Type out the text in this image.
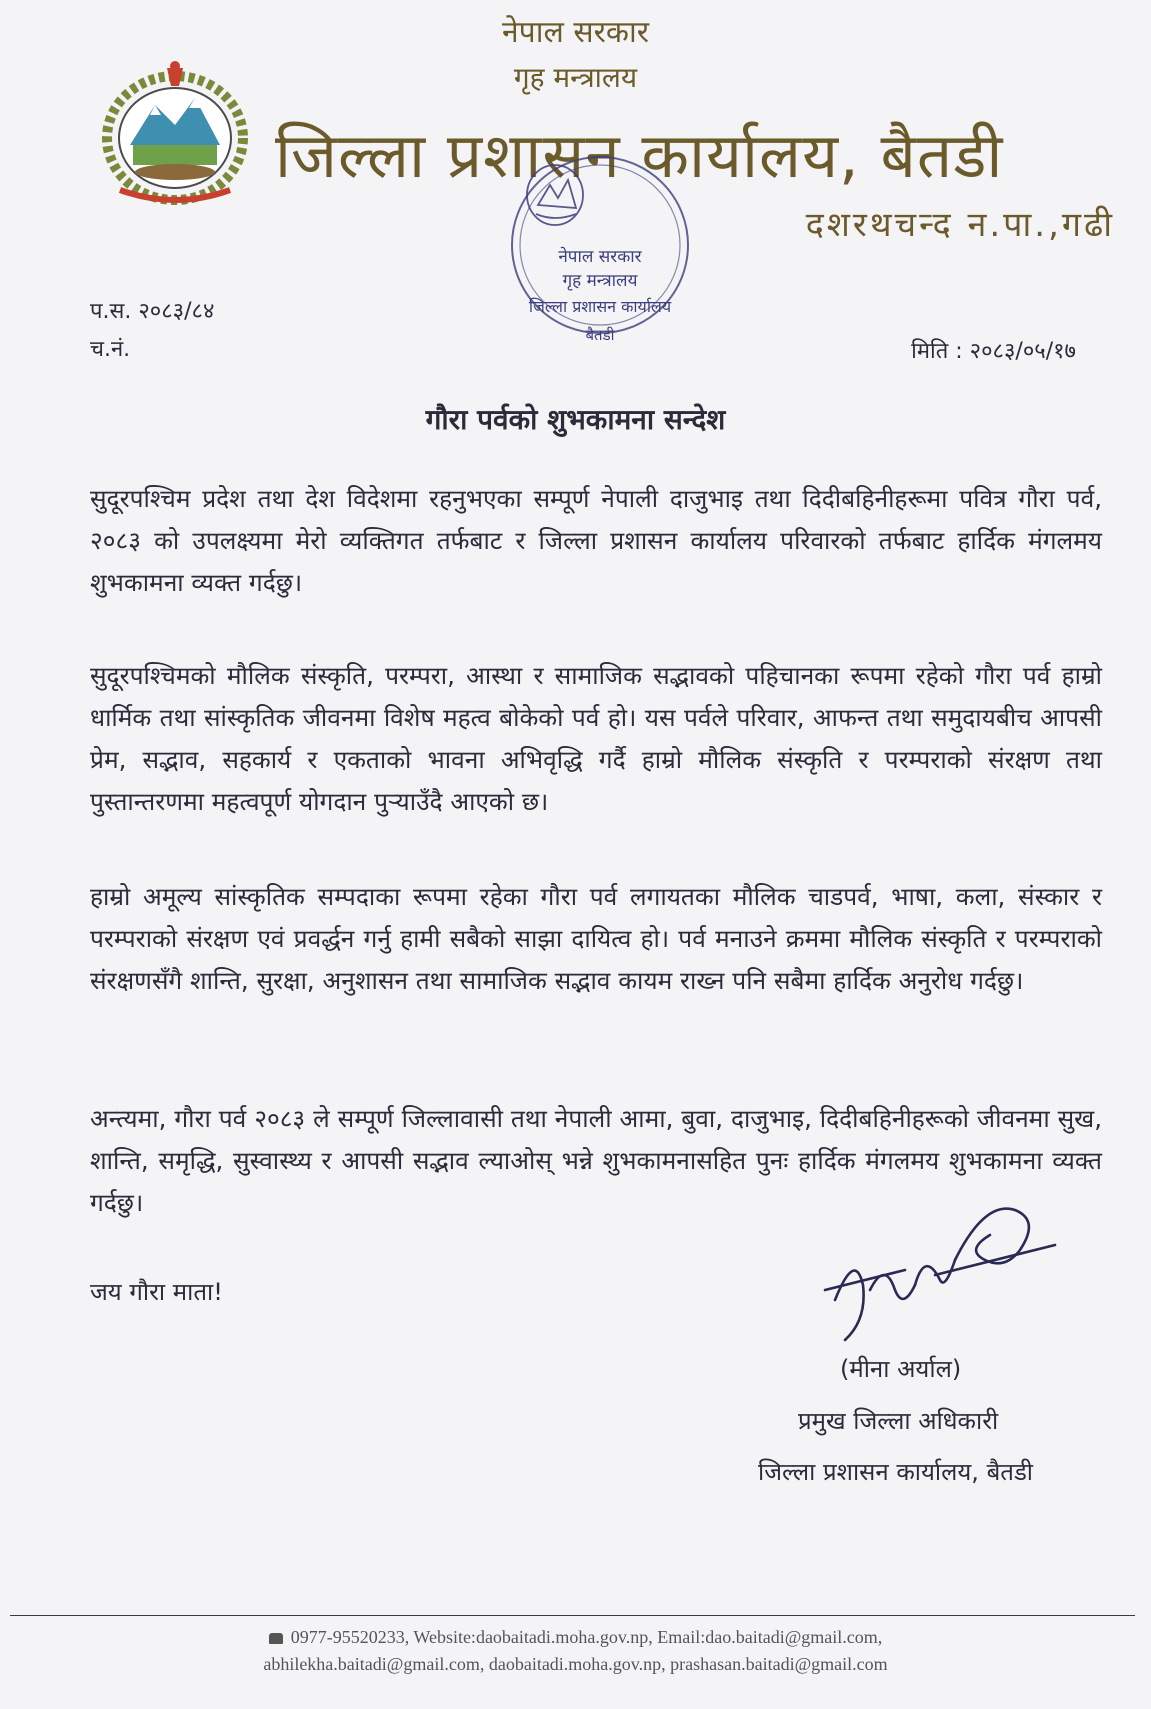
नेपाल सरकार
गृह मन्त्रालय
जिल्ला प्रशासन कार्यालय, बैतडी
दशरथचन्द न.पा.,गढी
नेपाल सरकार
गृह मन्त्रालय
जिल्ला प्रशासन कार्यालय
बैतडी
प.स. २०८३/८४
च.नं.	मिति : २०८३/०५/१७
गौरा पर्वको शुभकामना सन्देश

सुदूरपश्चिम प्रदेश तथा देश विदेशमा रहनुभएका सम्पूर्ण नेपाली दाजुभाइ तथा दिदीबहिनीहरूमा पवित्र गौरा पर्व, २०८३ को उपलक्ष्यमा मेरो व्यक्तिगत तर्फबाट र जिल्ला प्रशासन कार्यालय परिवारको तर्फबाट हार्दिक मंगलमय शुभकामना व्यक्त गर्दछु।

सुदूरपश्चिमको मौलिक संस्कृति, परम्परा, आस्था र सामाजिक सद्भावको पहिचानका रूपमा रहेको गौरा पर्व हाम्रो धार्मिक तथा सांस्कृतिक जीवनमा विशेष महत्व बोकेको पर्व हो। यस पर्वले परिवार, आफन्त तथा समुदायबीच आपसी प्रेम, सद्भाव, सहकार्य र एकताको भावना अभिवृद्धि गर्दै हाम्रो मौलिक संस्कृति र परम्पराको संरक्षण तथा पुस्तान्तरणमा महत्वपूर्ण योगदान पुऱ्याउँदै आएको छ।

हाम्रो अमूल्य सांस्कृतिक सम्पदाका रूपमा रहेका गौरा पर्व लगायतका मौलिक चाडपर्व, भाषा, कला, संस्कार र परम्पराको संरक्षण एवं प्रवर्द्धन गर्नु हामी सबैको साझा दायित्व हो। पर्व मनाउने क्रममा मौलिक संस्कृति र परम्पराको संरक्षणसँगै शान्ति, सुरक्षा, अनुशासन तथा सामाजिक सद्भाव कायम राख्न पनि सबैमा हार्दिक अनुरोध गर्दछु।

अन्त्यमा, गौरा पर्व २०८३ ले सम्पूर्ण जिल्लावासी तथा नेपाली आमा, बुवा, दाजुभाइ, दिदीबहिनीहरूको जीवनमा सुख, शान्ति, समृद्धि, सुस्वास्थ्य र आपसी सद्भाव ल्याओस् भन्ने शुभकामनासहित पुनः हार्दिक मंगलमय शुभकामना व्यक्त गर्दछु।

जय गौरा माता!
(मीना अर्याल)
प्रमुख जिल्ला अधिकारी
जिल्ला प्रशासन कार्यालय, बैतडी
0977-95520233, Website:daobaitadi.moha.gov.np, Email:dao.baitadi@gmail.com,
abhilekha.baitadi@gmail.com, daobaitadi.moha.gov.np, prashasan.baitadi@gmail.com
